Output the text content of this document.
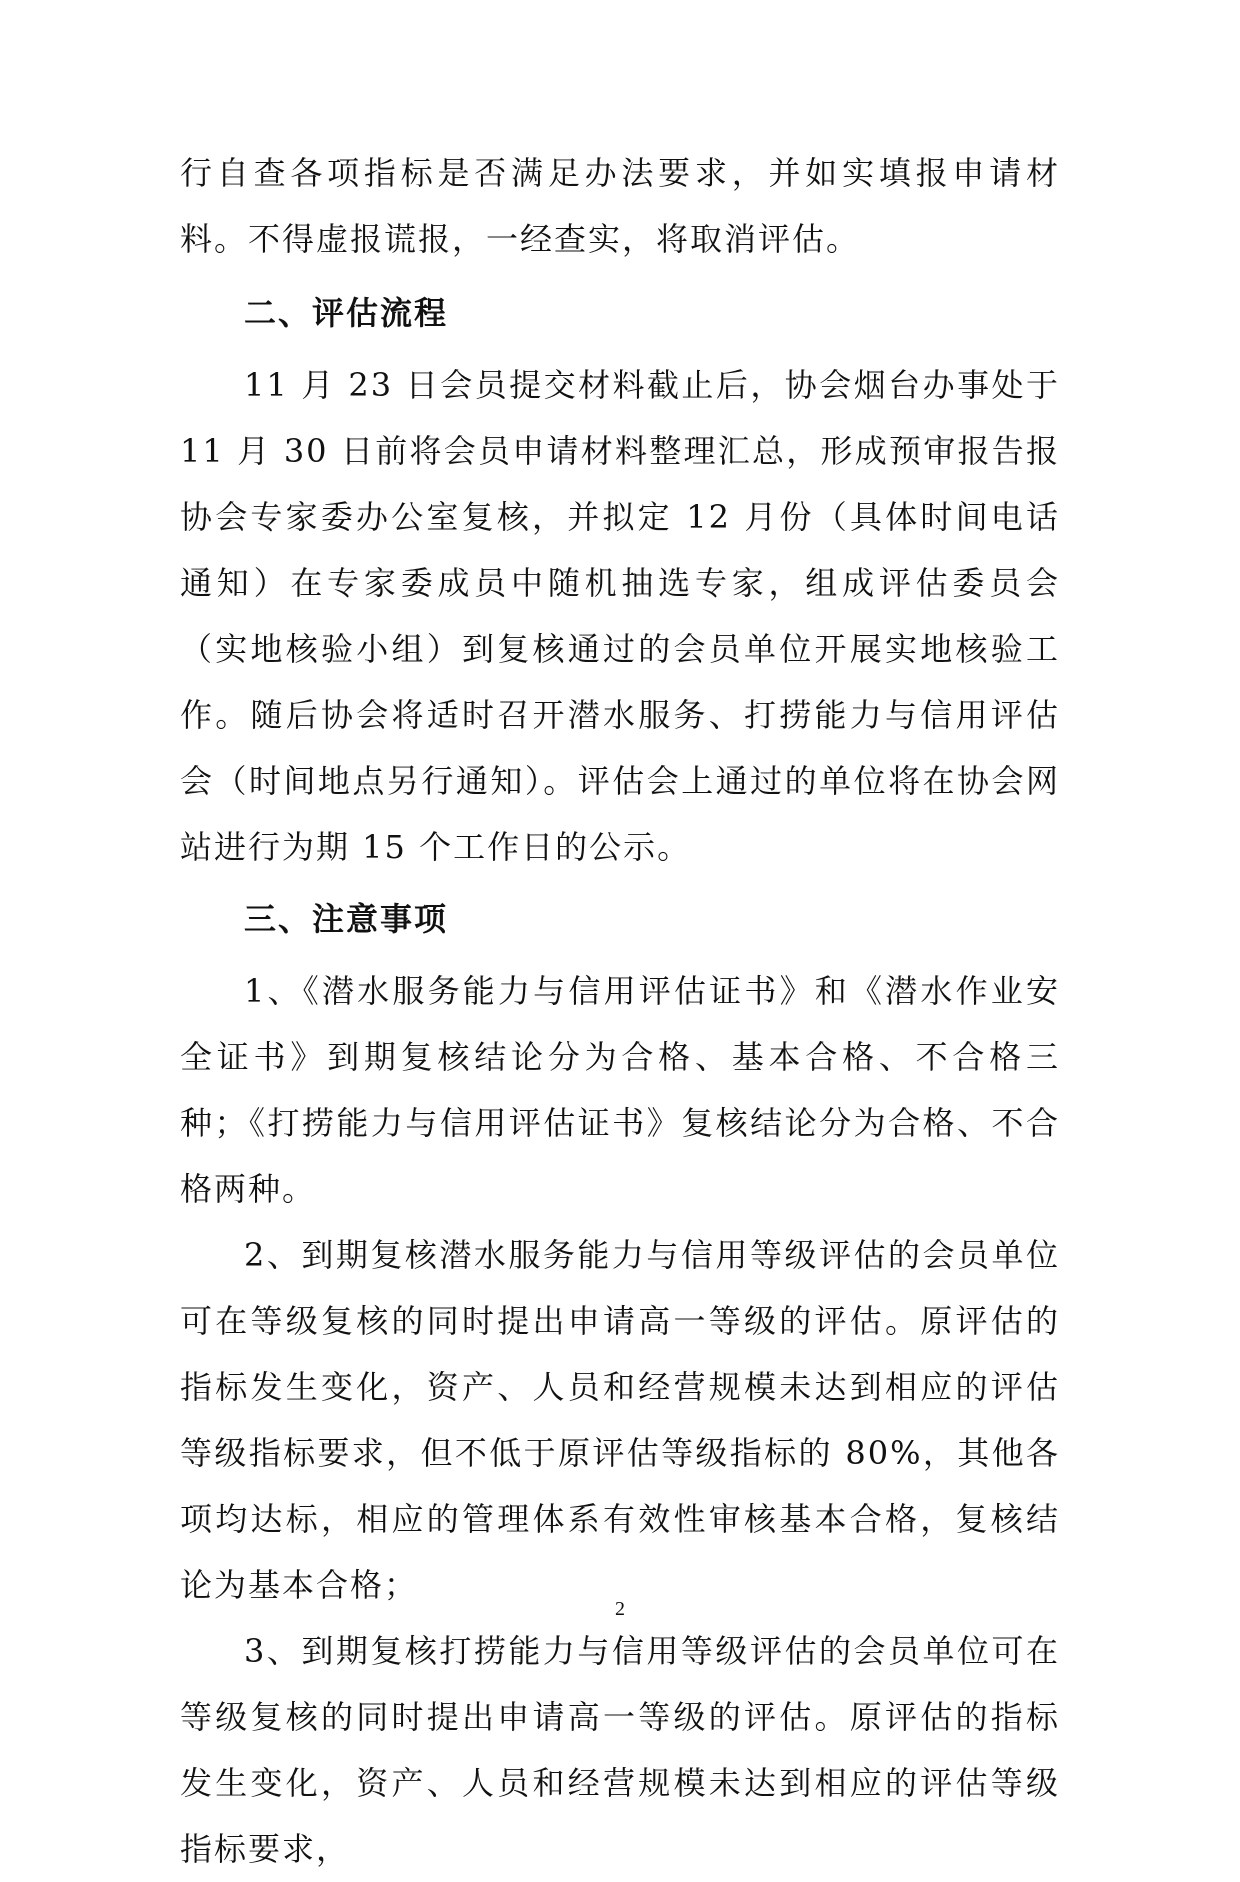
行自查各项指标是否满足办法要求，并如实填报申请材料。不得虚报谎报，一经查实，将取消评估。

二、评估流程

11 月 23 日会员提交材料截止后，协会烟台办事处于 11 月 30 日前将会员申请材料整理汇总，形成预审报告报协会专家委办公室复核，并拟定 12 月份（具体时间电话通知）在专家委成员中随机抽选专家，组成评估委员会（实地核验小组）到复核通过的会员单位开展实地核验工作。随后协会将适时召开潜水服务、打捞能力与信用评估会（时间地点另行通知）。评估会上通过的单位将在协会网站进行为期 15 个工作日的公示。

三、注意事项

1、《潜水服务能力与信用评估证书》和《潜水作业安全证书》到期复核结论分为合格、基本合格、不合格三种；《打捞能力与信用评估证书》复核结论分为合格、不合格两种。

2、到期复核潜水服务能力与信用等级评估的会员单位可在等级复核的同时提出申请高一等级的评估。原评估的指标发生变化，资产、人员和经营规模未达到相应的评估等级指标要求，但不低于原评估等级指标的 80%，其他各项均达标，相应的管理体系有效性审核基本合格，复核结论为基本合格；

3、到期复核打捞能力与信用等级评估的会员单位可在等级复核的同时提出申请高一等级的评估。原评估的指标发生变化，资产、人员和经营规模未达到相应的评估等级指标要求，

2
